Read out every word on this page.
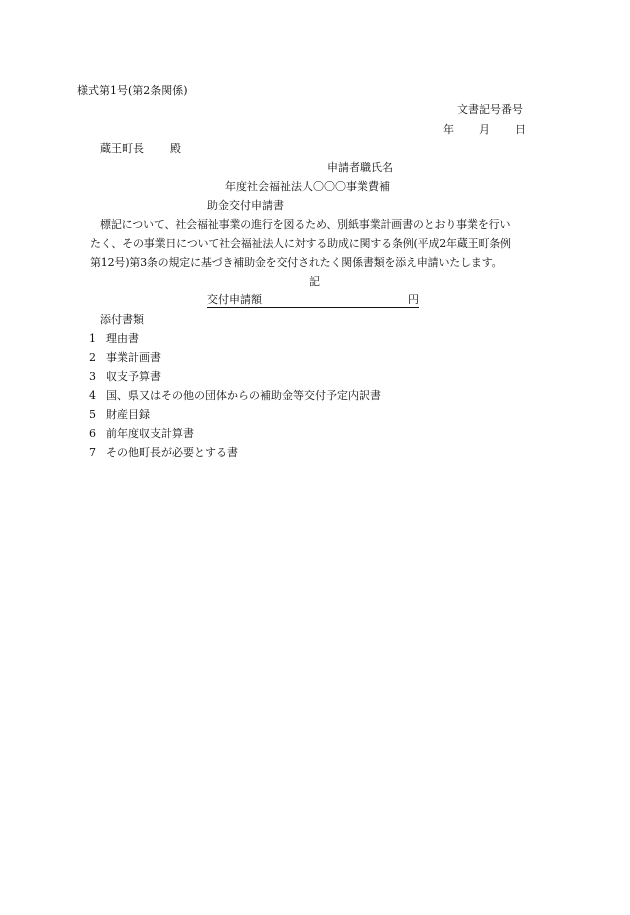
様式第1号(第2条関係)
文書記号番号
年 月 日
蔵王町長 殿
申請者職氏名
年度社会福祉法人〇〇〇事業費補
助金交付申請書
標記について、社会福祉事業の進行を図るため、別紙事業計画書のとおり事業を行い
たく、その事業日について社会福祉法人に対する助成に関する条例(平成2年蔵王町条例
第12号)第3条の規定に基づき補助金を交付されたく関係書類を添え申請いたします。
記
交付申請額	円
添付書類
1 理由書
2 事業計画書
3 収支予算書
4 国、県又はその他の団体からの補助金等交付予定内訳書
5 財産目録
6 前年度収支計算書
7 その他町長が必要とする書
